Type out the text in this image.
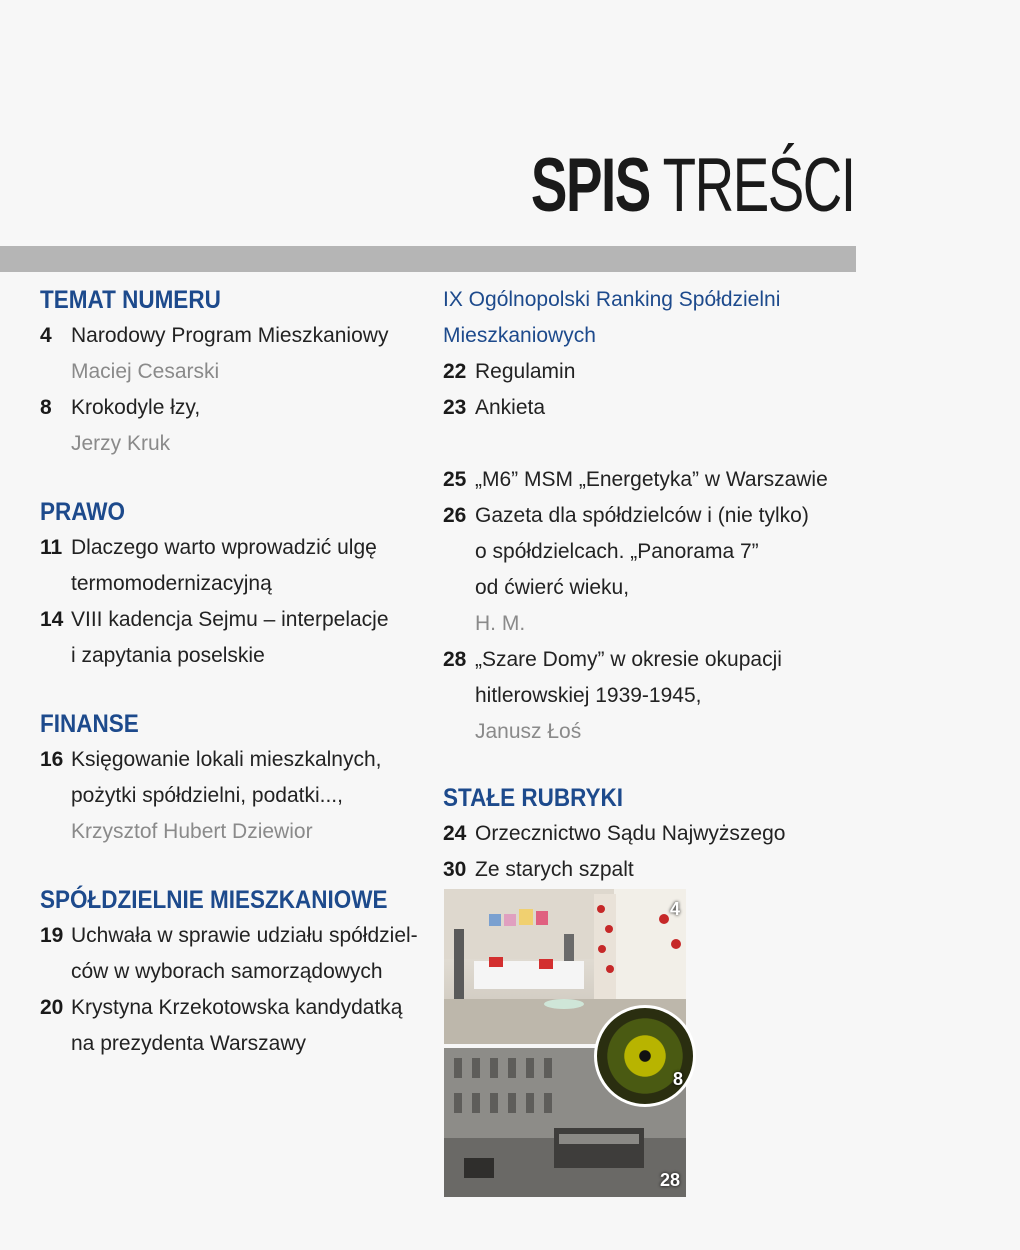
SPIS TREŚCI
TEMAT NUMERU
4 Narodowy Program Mieszkaniowy
Maciej Cesarski
8 Krokodyle łzy,
Jerzy Kruk
PRAWO
11 Dlaczego warto wprowadzić ulgę
termomodernizacyjną
14 VIII kadencja Sejmu – interpelacje
i zapytania poselskie
FINANSE
16 Księgowanie lokali mieszkalnych,
pożytki spółdzielni, podatki...,
Krzysztof Hubert Dziewior
SPÓŁDZIELNIE MIESZKANIOWE
19 Uchwała w sprawie udziału spółdziel-
ców w wyborach samorządowych
20 Krystyna Krzekotowska kandydatką
na prezydenta Warszawy
IX Ogólnopolski Ranking Spółdzielni
Mieszkaniowych
22 Regulamin
23 Ankieta
25 „M6” MSM „Energetyka” w Warszawie
26 Gazeta dla spółdzielców i (nie tylko)
o spółdzielcach. „Panorama 7”
od ćwierć wieku,
H. M.
28 „Szare Domy” w okresie okupacji
hitlerowskiej 1939-1945,
Janusz Łoś
STAŁE RUBRYKI
24 Orzecznictwo Sądu Najwyższego
30 Ze starych szpalt
4
28
8
